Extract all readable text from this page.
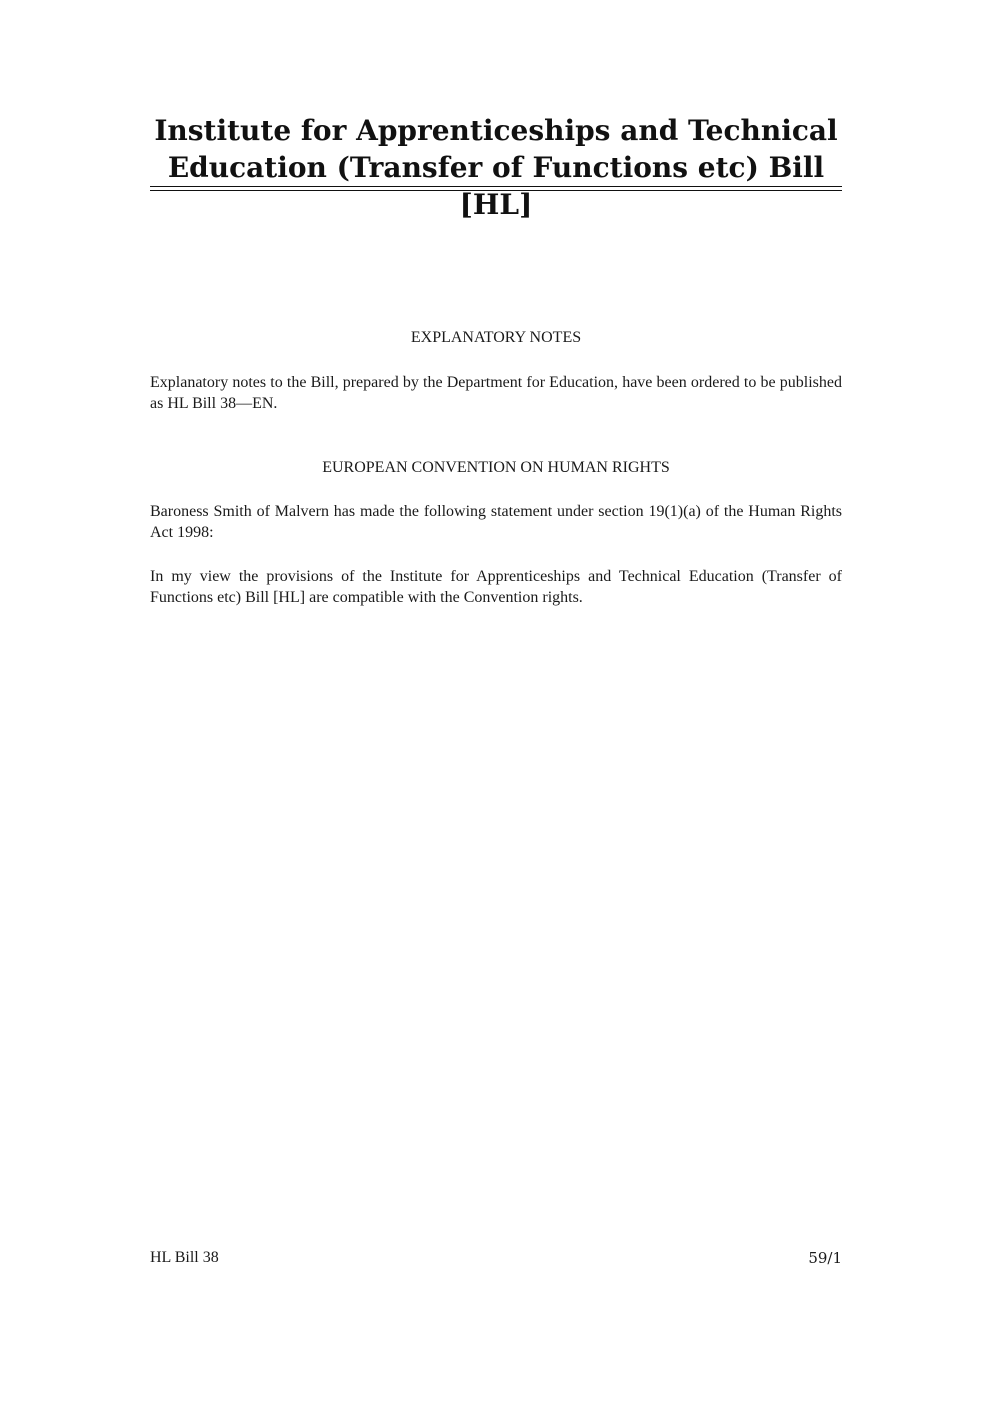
Institute for Apprenticeships and Technical
Education (Transfer of Functions etc) Bill [HL]
EXPLANATORY NOTES

Explanatory notes to the Bill, prepared by the Department for Education, have been ordered to be published as HL Bill 38—EN.

EUROPEAN CONVENTION ON HUMAN RIGHTS

Baroness Smith of Malvern has made the following statement under section 19(1)(a) of the Human Rights Act 1998:

In my view the provisions of the Institute for Apprenticeships and Technical Education (Transfer of Functions etc) Bill [HL] are compatible with the Convention rights.

HL Bill 38	59/1
